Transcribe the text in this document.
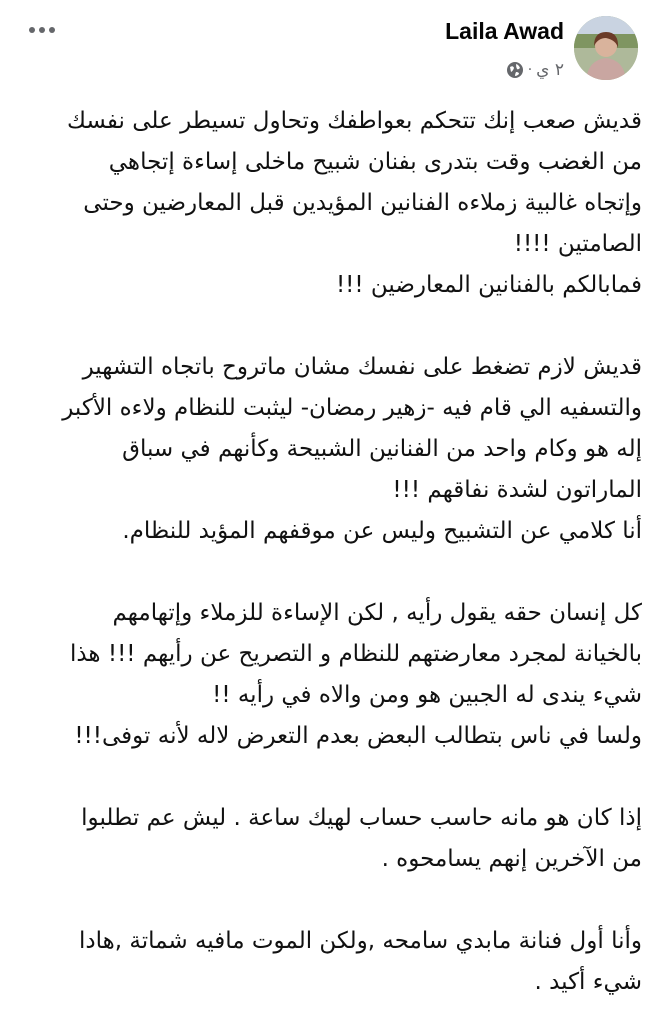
Laila Awad
٢ ي
·

قديش صعب إنك تتحكم بعواطفك وتحاول تسيطر على نفسك
من الغضب وقت بتدرى بفنان شبيح ماخلى إساءة إتجاهي
وإتجاه غالبية زملاءه الفنانين المؤيدين قبل المعارضين وحتى
الصامتين !!!!
فمابالكم بالفنانين المعارضين !!!

قديش لازم تضغط على نفسك مشان ماتروح باتجاه التشهير
والتسفيه الي قام فيه -زهير رمضان- ليثبت للنظام ولاءه الأكبر
إله هو وكام واحد من الفنانين الشبيحة وكأنهم في سباق
الماراتون لشدة نفاقهم !!!
أنا كلامي عن التشبيح وليس عن موقفهم المؤيد للنظام.

كل إنسان حقه يقول رأيه , لكن الإساءة للزملاء وإتهامهم
بالخيانة لمجرد معارضتهم للنظام و التصريح عن رأيهم !!! هذا
شيء يندى له الجبين هو ومن والاه في رأيه !!
ولسا في ناس بتطالب البعض بعدم التعرض لاله لأنه توفى!!!

إذا كان هو مانه حاسب حساب لهيك ساعة . ليش عم تطلبوا
من الآخرين إنهم يسامحوه .

وأنا أول فنانة مابدي سامحه ,ولكن الموت مافيه شماتة ,هادا
شيء أكيد .
